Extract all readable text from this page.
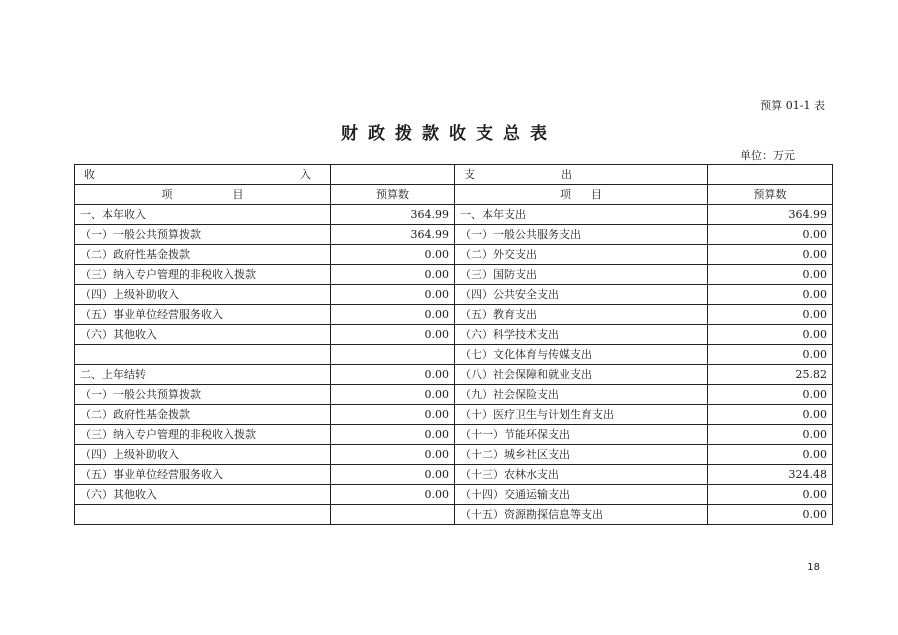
预算 01-1 表
财政拨款收支总表
单位：万元
收 入		支 出	

项 目	预算数	项 目	预算数
一、本年收入	364.99	一、本年支出	364.99
（一）一般公共预算拨款	364.99	（一）一般公共服务支出	0.00
（二）政府性基金拨款	0.00	（二）外交支出	0.00
（三）纳入专户管理的非税收入拨款	0.00	（三）国防支出	0.00
（四）上级补助收入	0.00	（四）公共安全支出	0.00
（五）事业单位经营服务收入	0.00	（五）教育支出	0.00
（六）其他收入	0.00	（六）科学技术支出	0.00
		（七）文化体育与传媒支出	0.00
二、上年结转	0.00	（八）社会保障和就业支出	25.82
（一）一般公共预算拨款	0.00	（九）社会保险支出	0.00
（二）政府性基金拨款	0.00	（十）医疗卫生与计划生育支出	0.00
（三）纳入专户管理的非税收入拨款	0.00	（十一）节能环保支出	0.00
（四）上级补助收入	0.00	（十二）城乡社区支出	0.00
（五）事业单位经营服务收入	0.00	（十三）农林水支出	324.48
（六）其他收入	0.00	（十四）交通运输支出	0.00
		（十五）资源勘探信息等支出	0.00
18
